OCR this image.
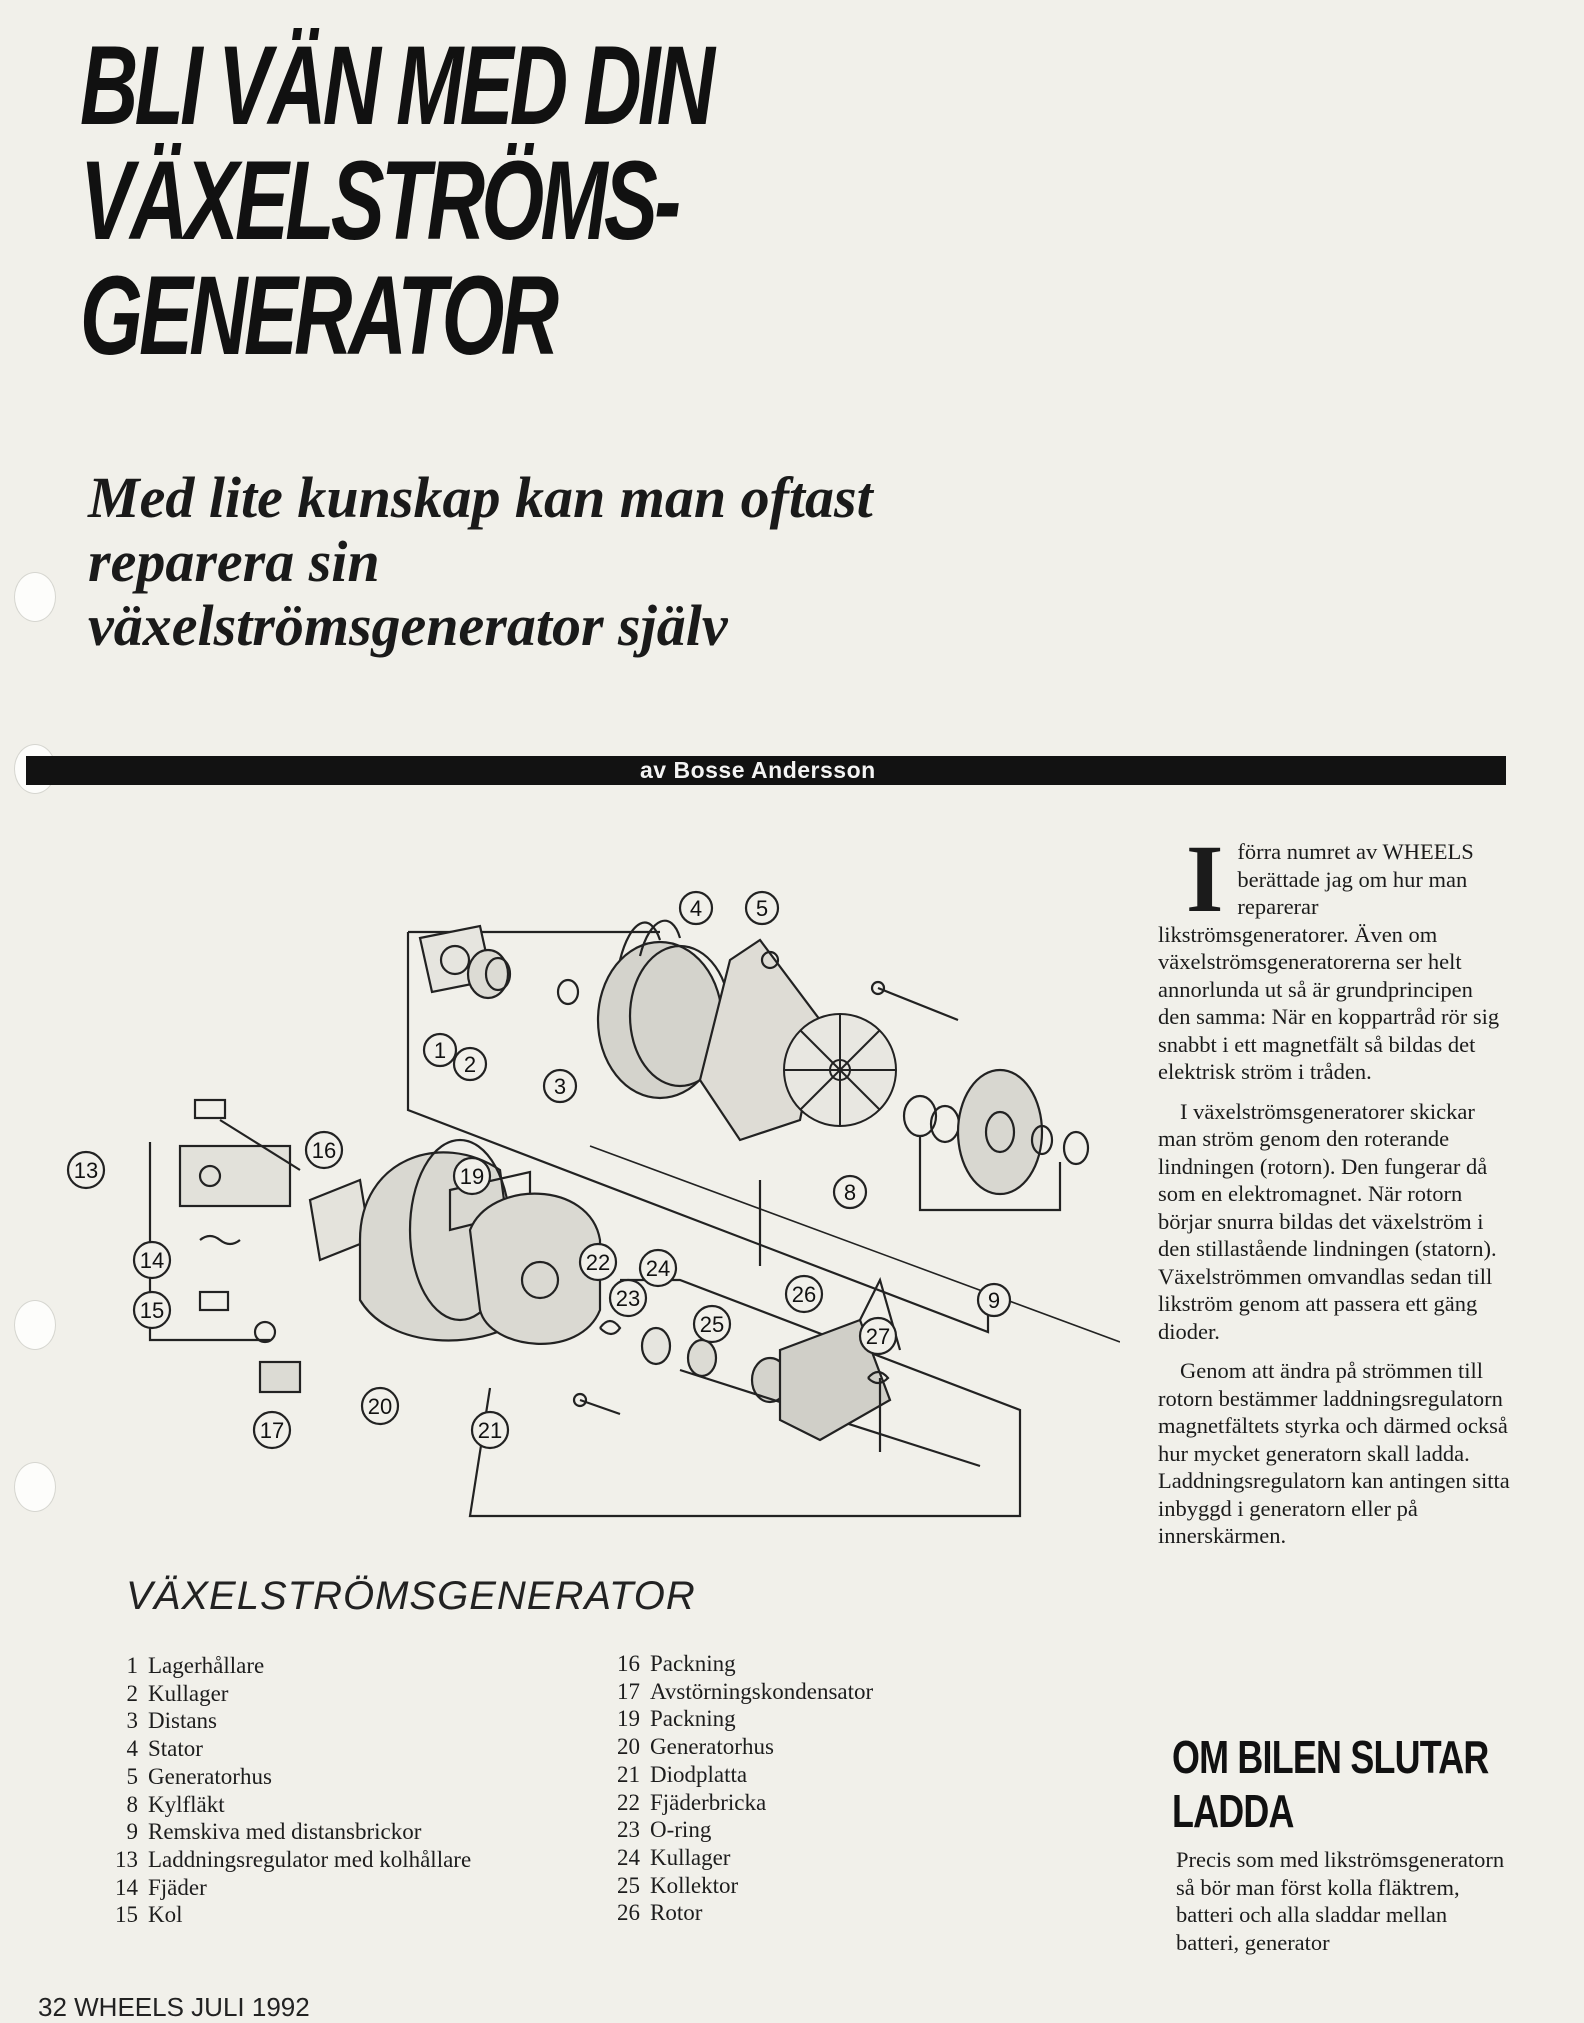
BLI VÄN MED DIN
VÄXELSTRÖMS-
GENERATOR
Med lite kunskap kan man oftast reparera sin växelströmsgenerator själv
av Bosse Andersson
1
2
3
4 5
8
9
13
14
15
16
17
19
20
21
22
23
24
25
26
27

I förra numret av WHEELS berättade jag om hur man reparerar likströmsgeneratorer. Även om växelströmsgeneratorerna ser helt annorlunda ut så är grundprincipen den samma: När en koppartråd rör sig snabbt i ett magnetfält så bildas det elektrisk ström i tråden.

I växelströmsgeneratorer skickar man ström genom den roterande lindningen (rotorn). Den fungerar då som en elektromagnet. När rotorn börjar snurra bildas det växelström i den stillastående lindningen (statorn). Växelströmmen omvandlas sedan till likström genom att passera ett gäng dioder.

Genom att ändra på strömmen till rotorn bestämmer laddningsregulatorn magnetfältets styrka och därmed också hur mycket generatorn skall ladda. Laddningsregulatorn kan antingen sitta inbyggd i generatorn eller på innerskärmen.

OM BILEN SLUTAR
LADDA
Precis som med likströmsgeneratorn så bör man först kolla fläktrem, batteri och alla sladdar mellan batteri, generator
VÄXELSTRÖMSGENERATOR
1 Lagerhållare
2 Kullager
3 Distans
4 Stator
5 Generatorhus
8 Kylfläkt
9 Remskiva med distansbrickor
13 Laddningsregulator med kolhållare
14 Fjäder
15 Kol
16 Packning
17 Avstörningskondensator
19 Packning
20 Generatorhus
21 Diodplatta
22 Fjäderbricka
23 O-ring
24 Kullager
25 Kollektor
26 Rotor
32 WHEELS JULI 1992
